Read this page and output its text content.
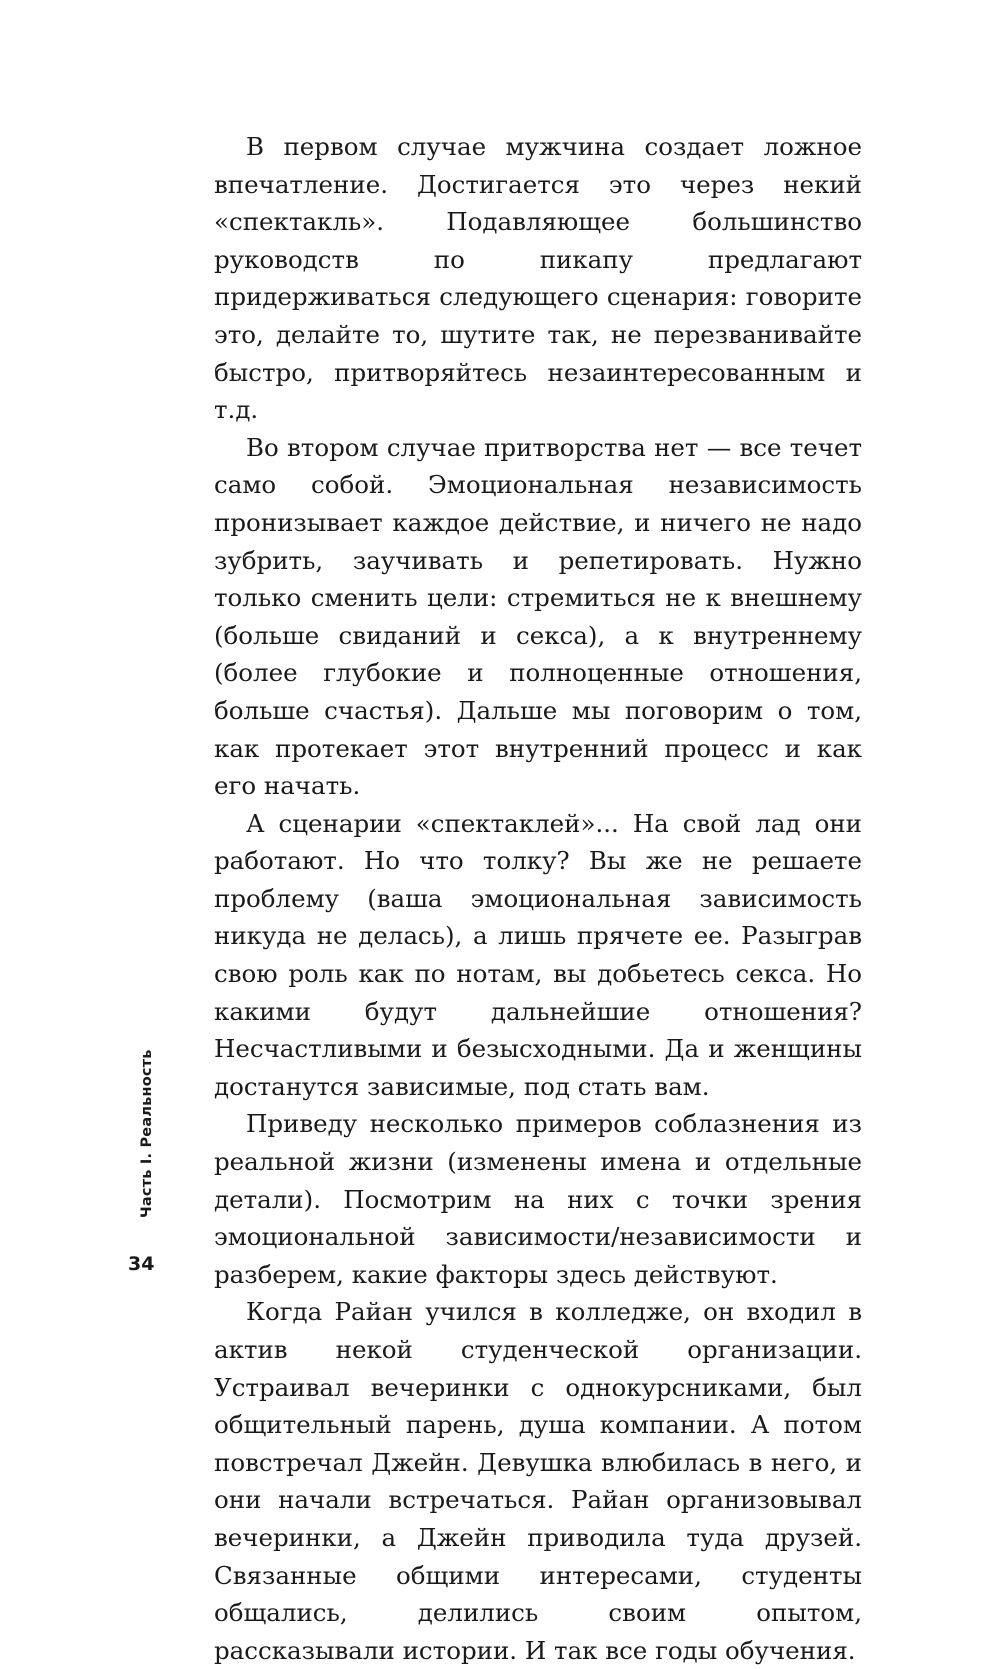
В первом случае мужчина создает ложное впечатление. Достигается это через некий «спектакль». Подавляющее большинство руководств по пикапу предлагают придерживаться следующего сценария: говорите это, делайте то, шутите так, не перезванивайте быстро, притворяйтесь незаинтересованным и т.д.

Во втором случае притворства нет — все течет само собой. Эмоциональная независимость пронизывает каждое действие, и ничего не надо зубрить, заучивать и репетировать. Нужно только сменить цели: стремиться не к внешнему (больше свиданий и секса), а к внутреннему (более глубокие и полноценные отношения, больше счастья). Дальше мы поговорим о том, как протекает этот внутренний процесс и как его начать.

А сценарии «спектаклей»... На свой лад они работают. Но что толку? Вы же не решаете проблему (ваша эмоциональная зависимость никуда не делась), а лишь прячете ее. Разыграв свою роль как по нотам, вы добьетесь секса. Но какими будут дальнейшие отношения? Несчастливыми и безысходными. Да и женщины достанутся зависимые, под стать вам.

Приведу несколько примеров соблазнения из реальной жизни (изменены имена и отдельные детали). Посмотрим на них с точки зрения эмоциональной зависимости/независимости и разберем, какие факторы здесь действуют.

Когда Райан учился в колледже, он входил в актив некой студенческой организации. Устраивал вечеринки с однокурсниками, был общительный парень, душа компании. А потом повстречал Джейн. Девушка влюбилась в него, и они начали встречаться. Райан организовывал вечеринки, а Джейн приводила туда друзей. Связанные общими интересами, студенты общались, делились своим опытом, рассказывали истории. И так все годы обучения.

Часть I. Реальность
34
